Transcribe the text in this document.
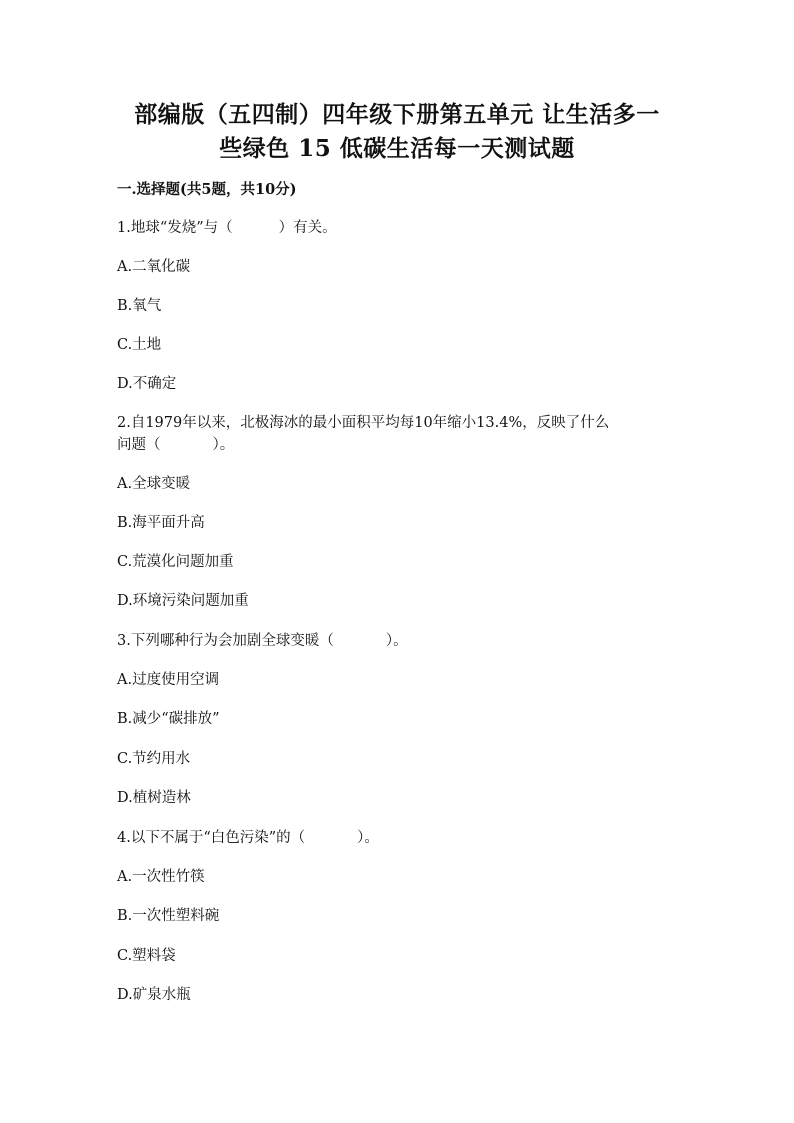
部编版（五四制）四年级下册第五单元 让生活多一
些绿色 15 低碳生活每一天测试题
一.选择题(共5题，共10分)
1.地球“发烧”与（	）有关。
A.二氧化碳
B.氧气
C.土地
D.不确定
2.自1979年以来，北极海冰的最小面积平均每10年缩小13.4%，反映了什么
问题（	）。
A.全球变暖
B.海平面升高
C.荒漠化问题加重
D.环境污染问题加重
3.下列哪种行为会加剧全球变暖（	）。
A.过度使用空调
B.减少“碳排放”
C.节约用水
D.植树造林
4.以下不属于“白色污染”的（	）。
A.一次性竹筷
B.一次性塑料碗
C.塑料袋
D.矿泉水瓶
